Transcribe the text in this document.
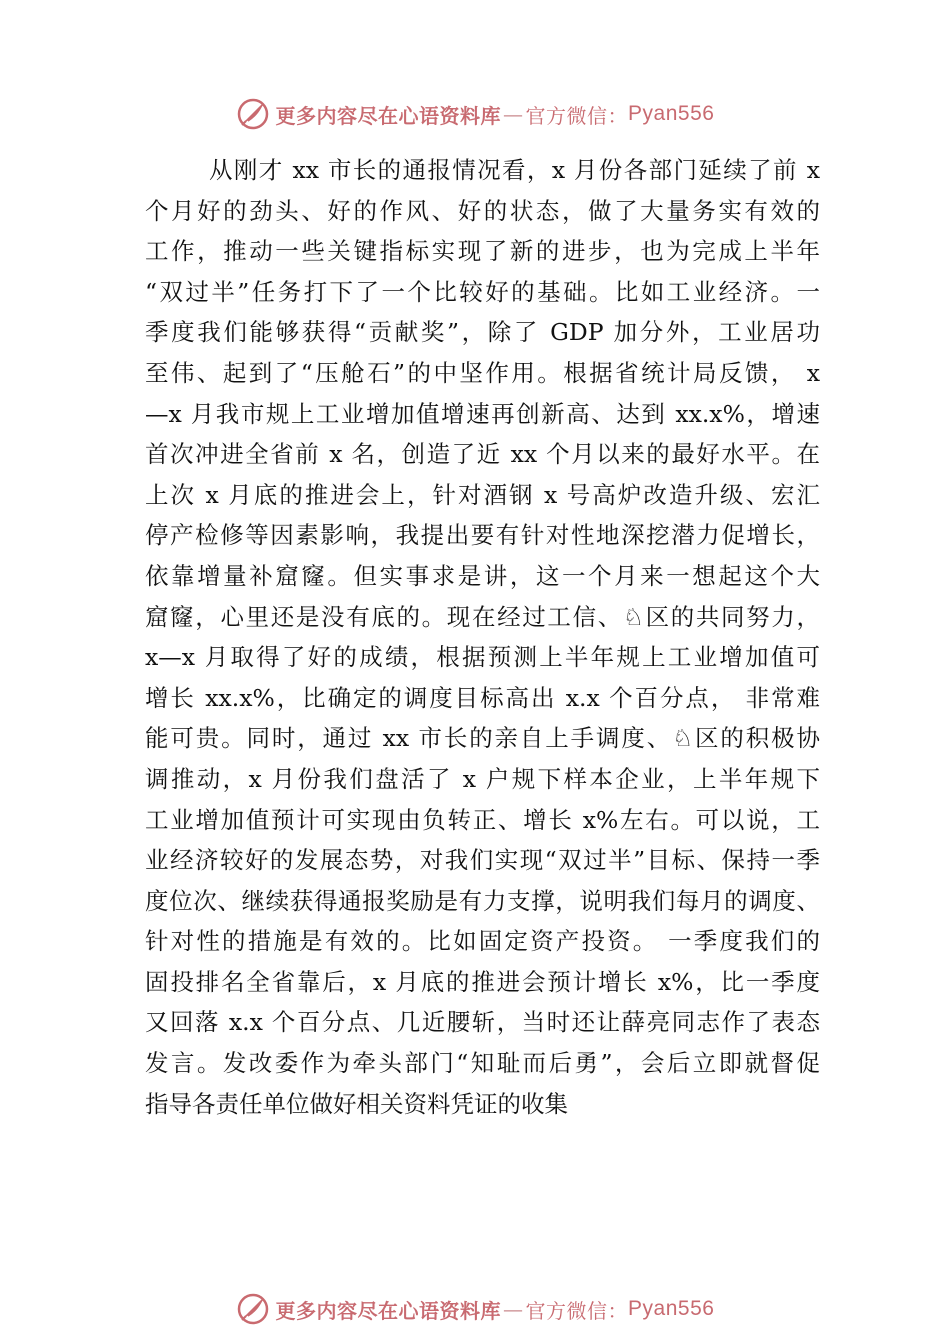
更多内容尽在心语资料库 — 官方微信： Pyan556
从刚才 xx 市长的通报情况看，x 月份各部门延续了前 x
个月好的劲头、好的作风、好的状态，做了大量务实有效的
工作，推动一些关键指标实现了新的进步，也为完成上半年
“双过半”任务打下了一个比较好的基础。比如工业经济。一
季度我们能够获得“贡献奖”，除了 GDP 加分外，工业居功
至伟、起到了“压舱石”的中坚作用。根据省统计局反馈， x
—x 月我市规上工业增加值增速再创新高、达到 xx.x%，增速
首次冲进全省前 x 名，创造了近 xx 个月以来的最好水平。在
上次 x 月底的推进会上，针对酒钢 x 号高炉改造升级、宏汇
停产检修等因素影响，我提出要有针对性地深挖潜力促增长，
依靠增量补窟窿。但实事求是讲，这一个月来一想起这个大
窟窿，心里还是没有底的。现在经过工信、♘区的共同努力，
x—x 月取得了好的成绩，根据预测上半年规上工业增加值可
增长 xx.x%，比确定的调度目标高出 x.x 个百分点， 非常难
能可贵。同时，通过 xx 市长的亲自上手调度、♘区的积极协
调推动，x 月份我们盘活了 x 户规下样本企业，上半年规下
工业增加值预计可实现由负转正、增长 x%左右。可以说，工
业经济较好的发展态势，对我们实现“双过半”目标、保持一季
度位次、继续获得通报奖励是有力支撑，说明我们每月的调度、
针对性的措施是有效的。比如固定资产投资。 一季度我们的
固投排名全省靠后，x 月底的推进会预计增长 x%，比一季度
又回落 x.x 个百分点、几近腰斩，当时还让薛亮同志作了表态
发言。发改委作为牵头部门“知耻而后勇”，会后立即就督促
指导各责任单位做好相关资料凭证的收集
更多内容尽在心语资料库 — 官方微信： Pyan556
